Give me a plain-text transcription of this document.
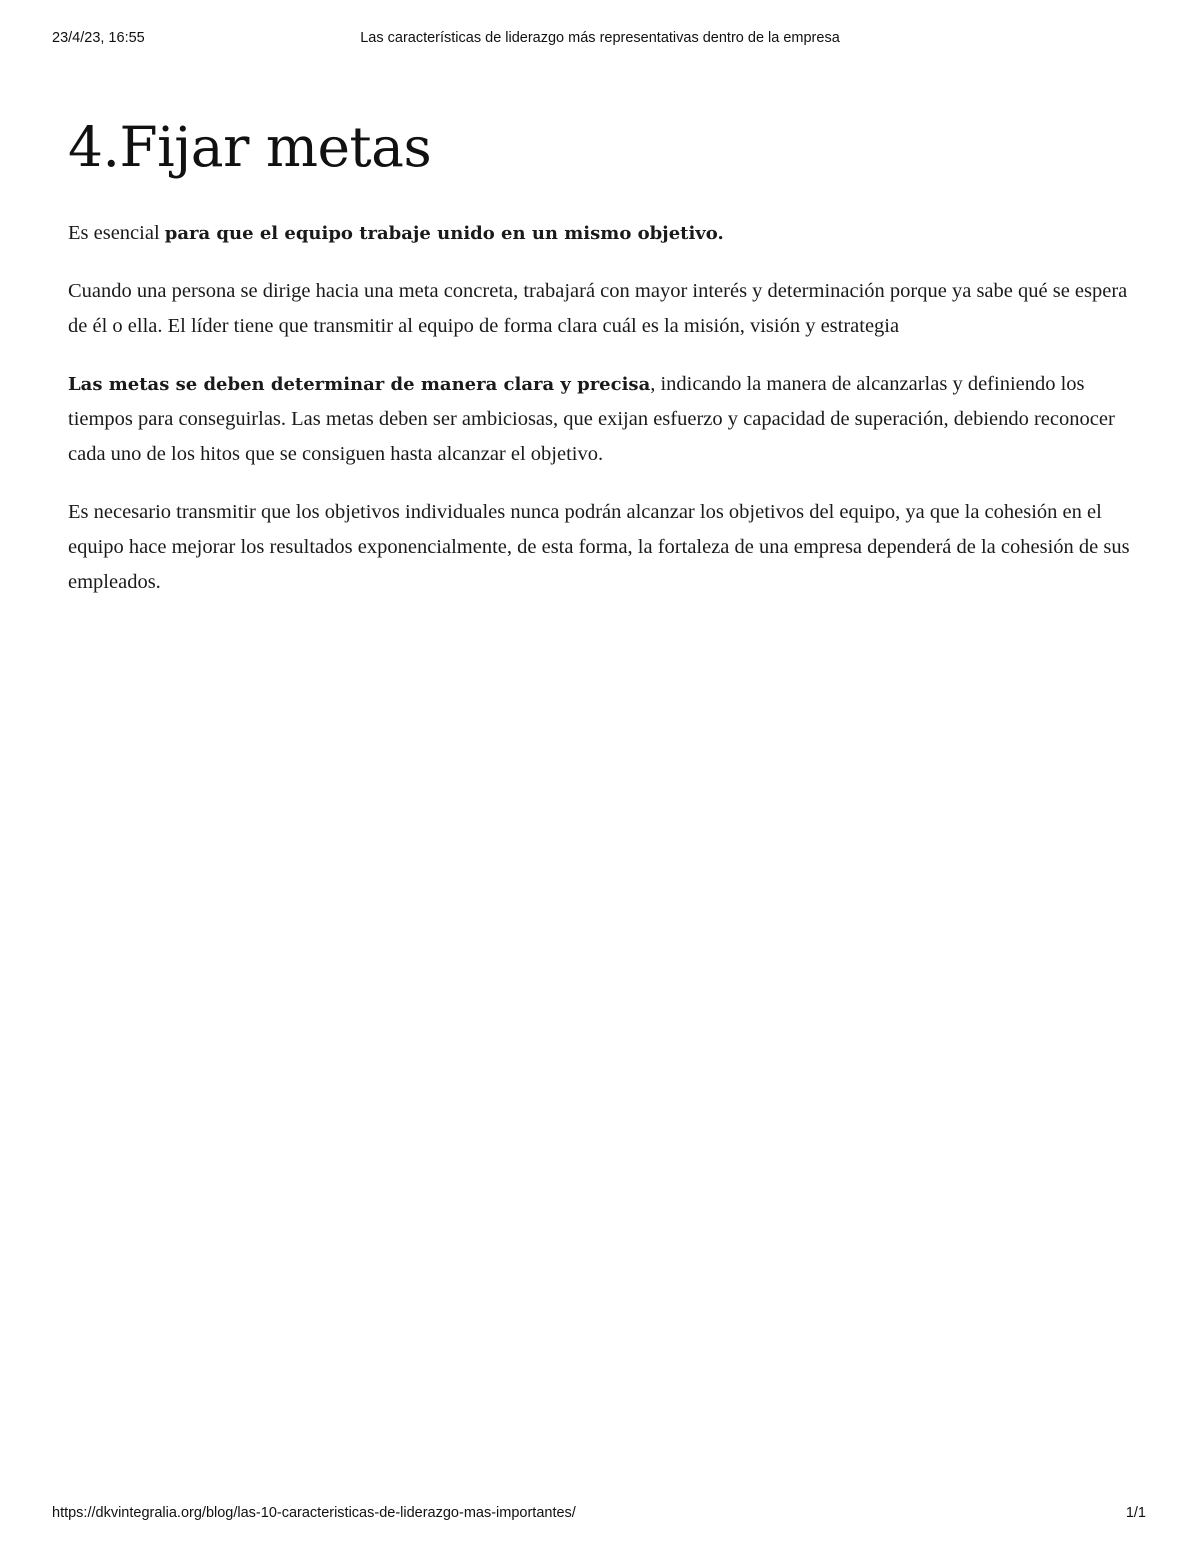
23/4/23, 16:55	Las características de liderazgo más representativas dentro de la empresa
4.Fijar metas

Es esencial para que el equipo trabaje unido en un mismo objetivo.

Cuando una persona se dirige hacia una meta concreta, trabajará con mayor interés y determinación porque ya sabe qué se espera de él o ella. El líder tiene que transmitir al equipo de forma clara cuál es la misión, visión y estrategia

Las metas se deben determinar de manera clara y precisa, indicando la manera de alcanzarlas y definiendo los tiempos para conseguirlas. Las metas deben ser ambiciosas, que exijan esfuerzo y capacidad de superación, debiendo reconocer cada uno de los hitos que se consiguen hasta alcanzar el objetivo.

Es necesario transmitir que los objetivos individuales nunca podrán alcanzar los objetivos del equipo, ya que la cohesión en el equipo hace mejorar los resultados exponencialmente, de esta forma, la fortaleza de una empresa dependerá de la cohesión de sus empleados.

https://dkvintegralia.org/blog/las-10-caracteristicas-de-liderazgo-mas-importantes/	1/1
